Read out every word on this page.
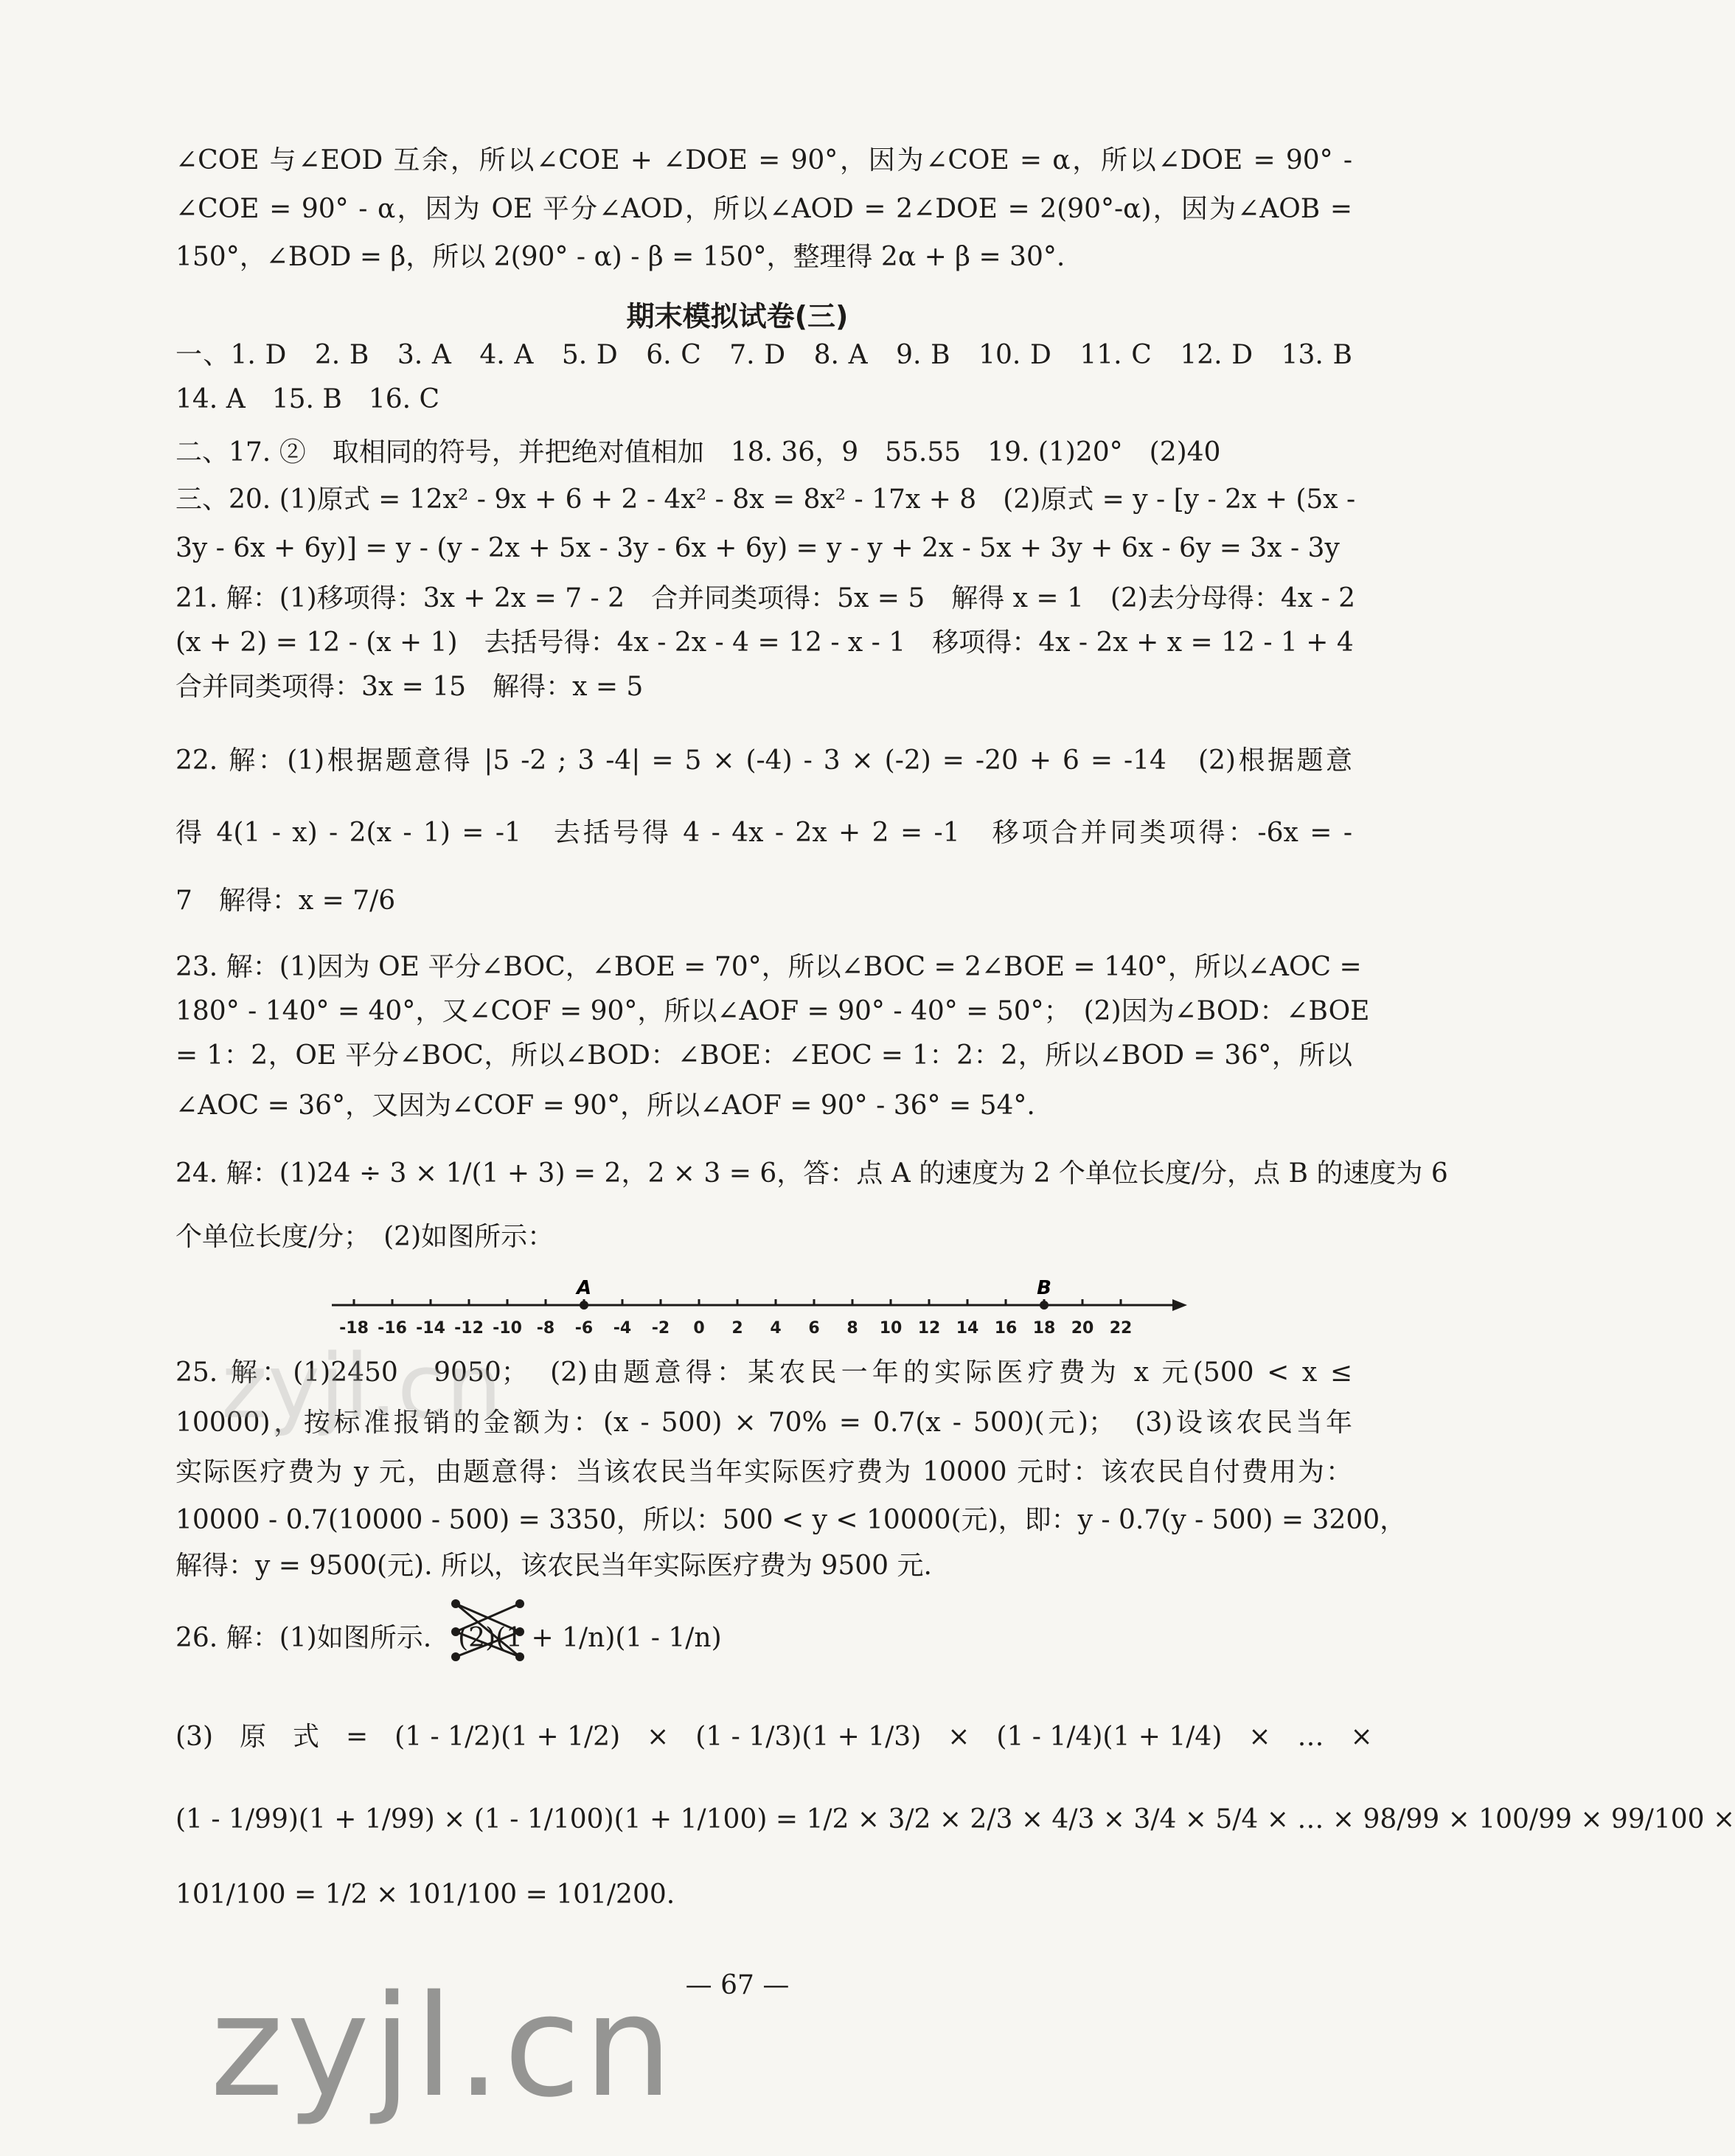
∠COE 与∠EOD 互余，所以∠COE + ∠DOE = 90°，因为∠COE = α，所以∠DOE = 90° -
∠COE = 90° - α，因为 OE 平分∠AOD，所以∠AOD = 2∠DOE = 2(90°-α)，因为∠AOB =
150°，∠BOD = β，所以 2(90° - α) - β = 150°，整理得 2α + β = 30°.
期末模拟试卷(三)
一、1. D　2. B　3. A　4. A　5. D　6. C　7. D　8. A　9. B　10. D　11. C　12. D　13. B
14. A　15. B　16. C
二、17. ②　取相同的符号，并把绝对值相加　18. 36，9　55.55　19. (1)20°　(2)40
三、20. (1)原式 = 12x² - 9x + 6 + 2 - 4x² - 8x = 8x² - 17x + 8　(2)原式 = y - [y - 2x + (5x -
3y - 6x + 6y)] = y - (y - 2x + 5x - 3y - 6x + 6y) = y - y + 2x - 5x + 3y + 6x - 6y = 3x - 3y
21. 解：(1)移项得：3x + 2x = 7 - 2　合并同类项得：5x = 5　解得 x = 1　(2)去分母得：4x - 2
(x + 2) = 12 - (x + 1)　去括号得：4x - 2x - 4 = 12 - x - 1　移项得：4x - 2x + x = 12 - 1 + 4
合并同类项得：3x = 15　解得：x = 5
22. 解：(1)根据题意得 |5 -2 ; 3 -4| = 5 × (-4) - 3 × (-2) = -20 + 6 = -14　(2)根据题意
得 4(1 - x) - 2(x - 1) = -1　去括号得 4 - 4x - 2x + 2 = -1　移项合并同类项得：-6x = -
7　解得：x = 7/6
23. 解：(1)因为 OE 平分∠BOC，∠BOE = 70°，所以∠BOC = 2∠BOE = 140°，所以∠AOC =
180° - 140° = 40°，又∠COF = 90°，所以∠AOF = 90° - 40° = 50°；　(2)因为∠BOD：∠BOE
= 1：2，OE 平分∠BOC，所以∠BOD：∠BOE：∠EOC = 1：2：2，所以∠BOD = 36°，所以
∠AOC = 36°，又因为∠COF = 90°，所以∠AOF = 90° - 36° = 54°.
24. 解：(1)24 ÷ 3 × 1/(1 + 3) = 2，2 × 3 = 6，答：点 A 的速度为 2 个单位长度/分，点 B 的速度为 6
个单位长度/分；　(2)如图所示：
-18 -16 -14 -12 -10 -8 -6 -4 -2 0 2 4 6 8 10 12 14 16 18 20 22
A	B
25. 解：(1)2450　9050；　(2)由题意得：某农民一年的实际医疗费为 x 元(500 < x ≤
10000)，按标准报销的金额为：(x - 500) × 70% = 0.7(x - 500)(元)；　(3)设该农民当年
实际医疗费为 y 元，由题意得：当该农民当年实际医疗费为 10000 元时：该农民自付费用为：
10000 - 0.7(10000 - 500) = 3350，所以：500 < y < 10000(元)，即：y - 0.7(y - 500) = 3200，
解得：y = 9500(元). 所以，该农民当年实际医疗费为 9500 元.
26. 解：(1)如图所示.　(2)(1 + 1/n)(1 - 1/n)
(3)　原　式　=　(1 - 1/2)(1 + 1/2)　×　(1 - 1/3)(1 + 1/3)　×　(1 - 1/4)(1 + 1/4)　×　…　×
(1 - 1/99)(1 + 1/99) × (1 - 1/100)(1 + 1/100) = 1/2 × 3/2 × 2/3 × 4/3 × 3/4 × 5/4 × … × 98/99 × 100/99 × 99/100 ×
101/100 = 1/2 × 101/100 = 101/200.
— 67 —
zyjl.cn
zyjl.cn
